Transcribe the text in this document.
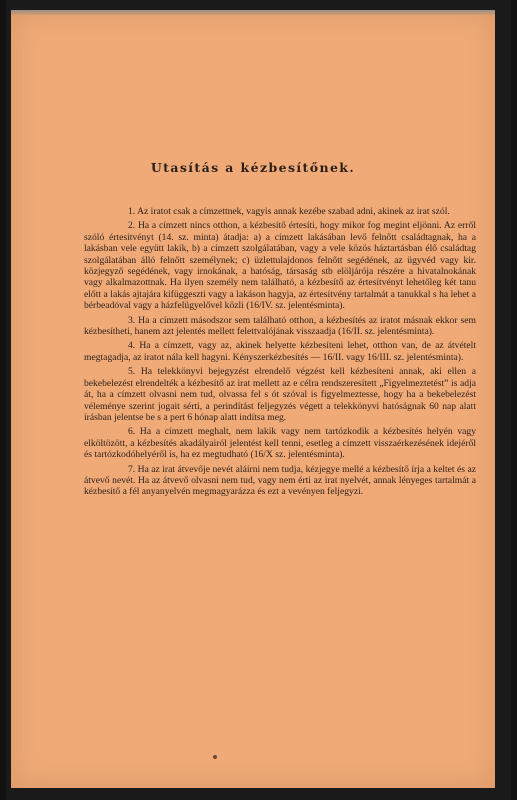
Utasítás a kézbesítőnek.

1. Az iratot csak a címzettnek, vagyis annak kezébe szabad adni, akinek az irat szól.

2. Ha a címzett nincs otthon, a kézbesítő értesíti, hogy mikor fog megint eljönni. Az erről szóló értesítvényt (14. sz. minta) átadja: a) a címzett lakásában levő felnőtt családtagnak, ha a lakásban vele együtt lakik, b) a címzett szolgálatában, vagy a vele közös háztartásban élő családtag szolgálatában álló felnőtt személynek; c) üzlettulajdonos felnőtt segédének, az ügyvéd vagy kir. közjegyző segédének, vagy irnokának, a hatóság, társaság stb elöljárója részére a hivatalnokának vagy alkalmazottnak. Ha ilyen személy nem található, a kézbesítő az értesítvényt lehetőleg két tanu előtt a lakás ajtajára kifüggeszti vagy a lakáson hagyja, az értesítvény tartalmát a tanukkal s ha lehet a bérbeadóval vagy a házfelügyelővel közli (16/IV. sz. jelentésminta).

3. Ha a címzett másodszor sem található otthon, a kézbesítés az iratot másnak ekkor sem kézbesítheti, hanem azt jelentés mellett felettvalójának visszaadja (16/II. sz. jelentésminta).

4. Ha a címzett, vagy az, akinek helyette kézbesíteni lehet, otthon van, de az átvételt megtagadja, az iratot nála kell hagyni. Kényszerkézbesítés — 16/II. vagy 16/III. sz. jelentésminta).

5. Ha telekkönyvi bejegyzést elrendelő végzést kell kézbesíteni annak, aki ellen a bekebelezést elrendelték a kézbesítő az irat mellett az e célra rendszeresített „Figyelmeztetést” is adja át, ha a címzett olvasni nem tud, olvassa fel s ót szóval is figyelmeztesse, hogy ha a bekebelezést véleménye szerint jogait sérti, a perindítást feljegyzés végett a telekkönyvi hatóságnak 60 nap alatt írásban jelentse be s a pert 6 hónap alatt indítsa meg.

6. Ha a címzett meghalt, nem lakik vagy nem tartózkodik a kézbesítés helyén vagy elköltözött, a kézbesítés akadályairól jelentést kell tenni, esetleg a címzett visszaérkezésének idejéről és tartózkodóhelyéről is, ha ez megtudható (16/X sz. jelentésminta).

7. Ha az irat átvevője nevét aláírni nem tudja, kézjegye mellé a kézbesítő írja a keltet és az átvevő nevét. Ha az átvevő olvasni nem tud, vagy nem érti az irat nyelvét, annak lényeges tartalmát a kézbesítő a fél anyanyelvén megmagyarázza és ezt a vevényen feljegyzi.
